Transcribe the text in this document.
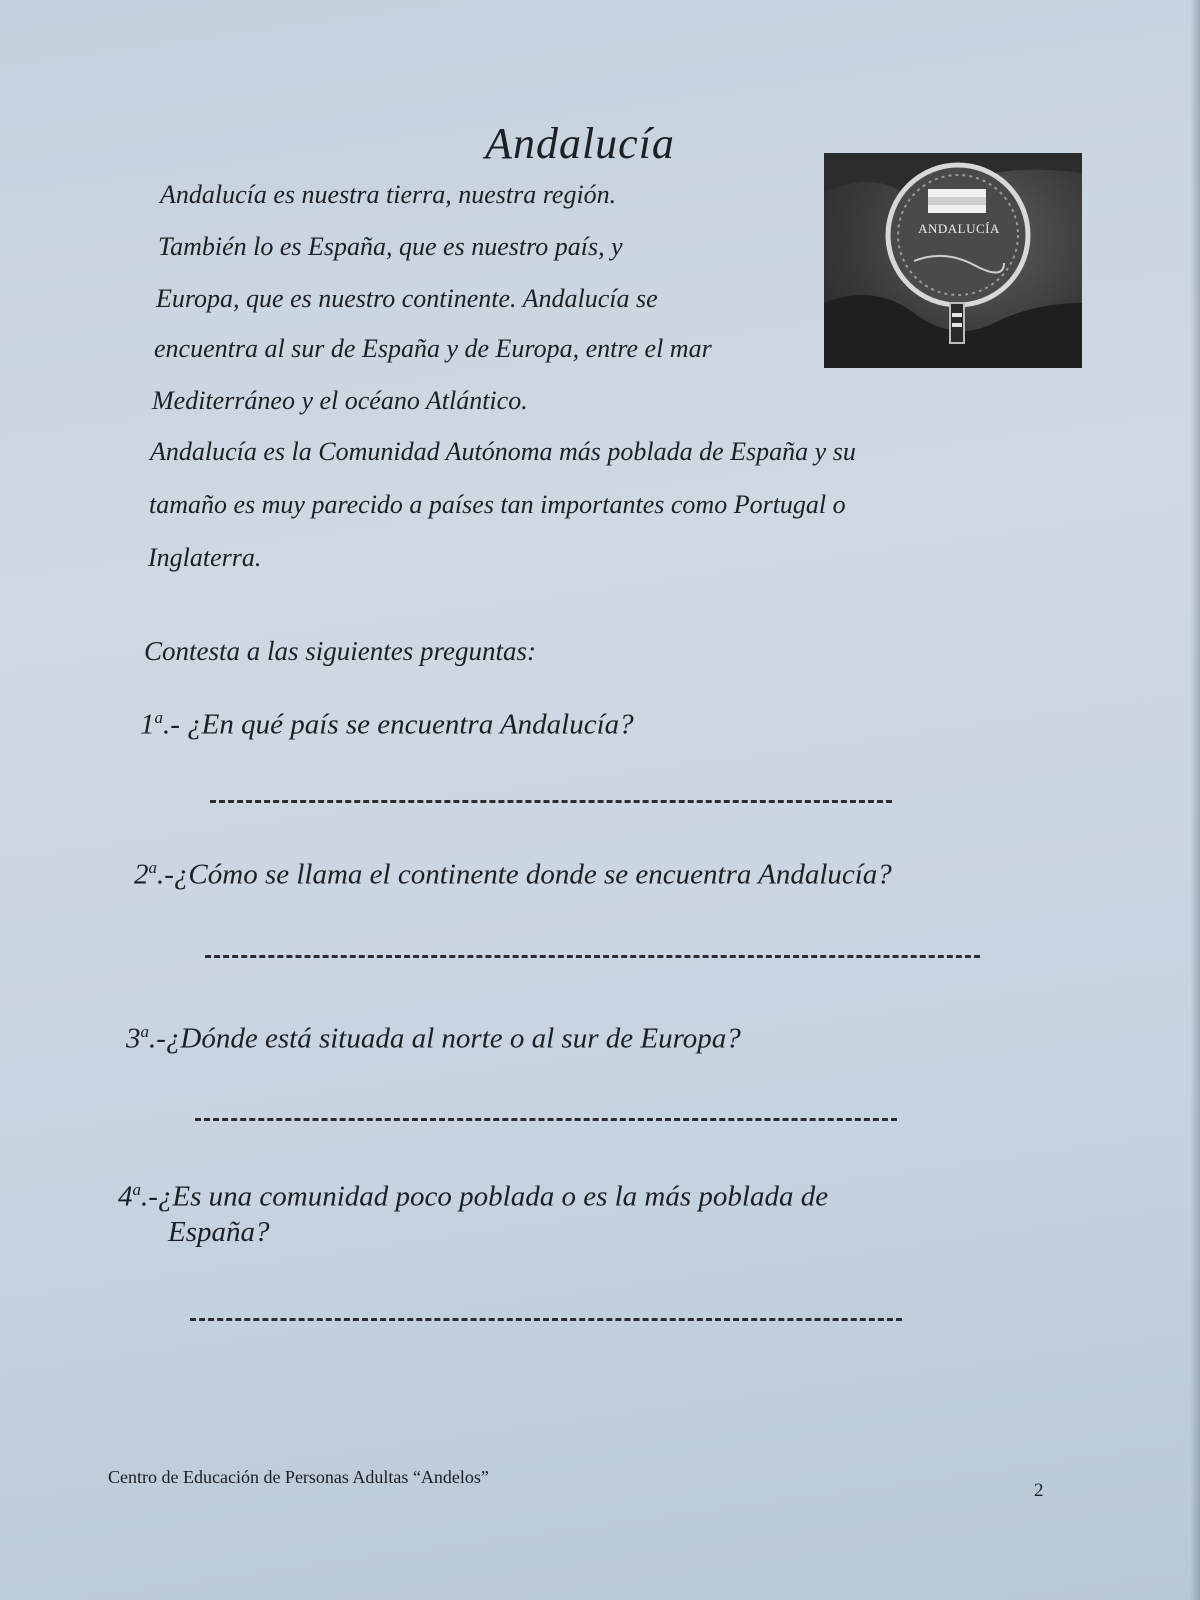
Andalucía

Andalucía es nuestra tierra, nuestra región.

También lo es España, que es nuestro país, y

Europa, que es nuestro continente. Andalucía se

encuentra al sur de España y de Europa, entre el mar

Mediterráneo y el océano Atlántico.

Andalucía es la Comunidad Autónoma más poblada de España y su

tamaño es muy parecido a países tan importantes como Portugal o

Inglaterra.

ANDALUCÍA

Contesta a las siguientes preguntas:

1$^a$.- ¿En qué país se encuentra Andalucía?

2$^a$.-¿Cómo se llama el continente donde se encuentra Andalucía?

3$^a$.-¿Dónde está situada al norte o al sur de Europa?

4$^a$.-¿Es una comunidad poco poblada o es la más poblada de

España?

Centro de Educación de Personas Adultas “Andelos”
2
